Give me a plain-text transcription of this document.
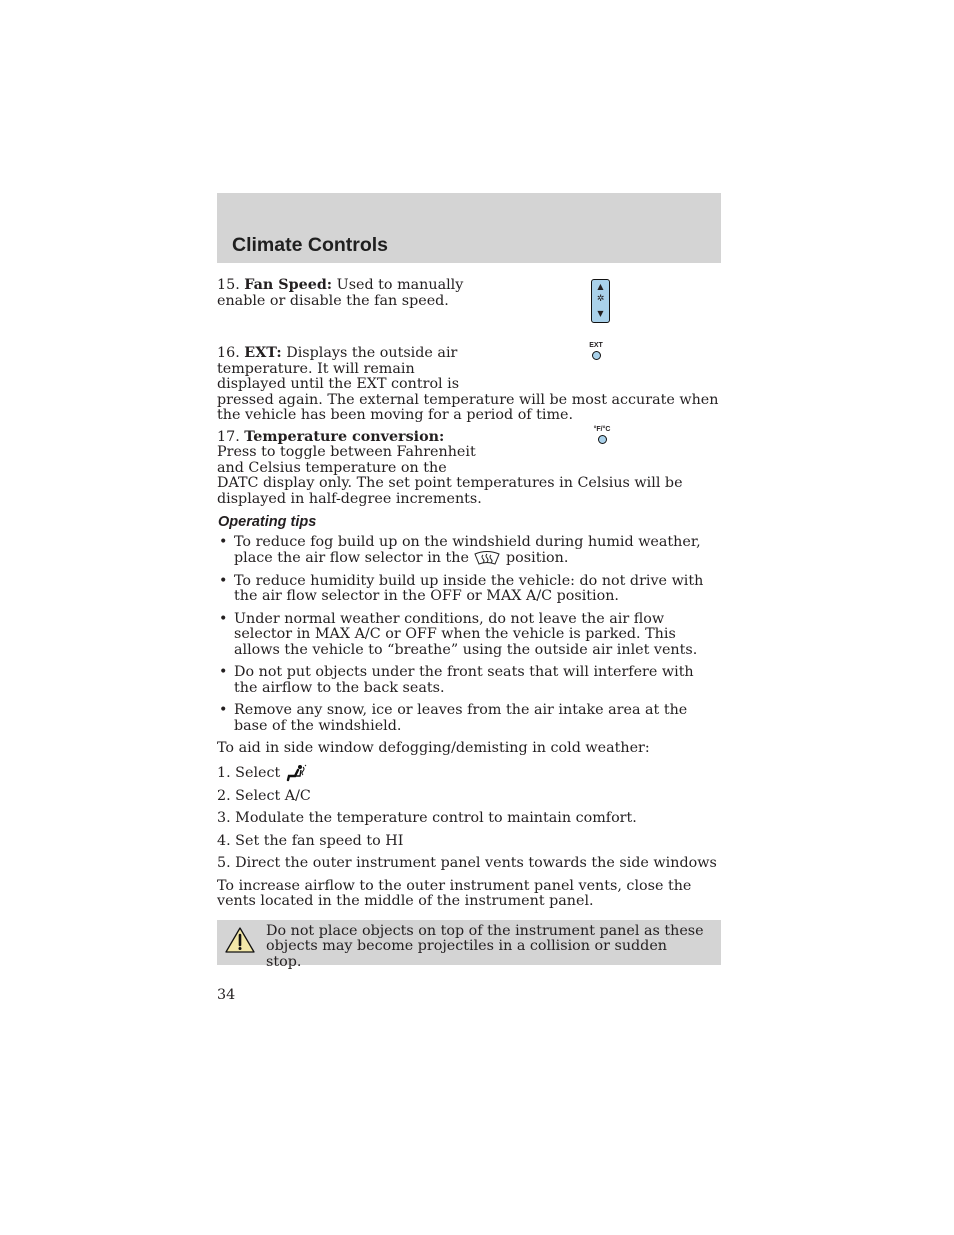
Climate Controls

15. Fan Speed: Used to manually

enable or disable the fan speed.

▲
✲
▼

16. EXT: Displays the outside air

temperature. It will remain

displayed until the EXT control is

pressed again. The external temperature will be most accurate when the vehicle has been moving for a period of time.

EXT

17. Temperature conversion:

Press to toggle between Fahrenheit

and Celsius temperature on the

DATC display only. The set point temperatures in Celsius will be displayed in half-degree increments.

°F/°C
Operating tips
• To reduce fog build up on the windshield during humid weather, place the air flow selector in the	position.
• To reduce humidity build up inside the vehicle: do not drive with the air flow selector in the OFF or MAX A/C position.
• Under normal weather conditions, do not leave the air flow selector in MAX A/C or OFF when the vehicle is parked. This allows the vehicle to “breathe” using the outside air inlet vents.
• Do not put objects under the front seats that will interfere with the airflow to the back seats.
• Remove any snow, ice or leaves from the air intake area at the base of the windshield.

To aid in side window defogging/demisting in cold weather:

1. Select

2. Select A/C

3. Modulate the temperature control to maintain comfort.

4. Set the fan speed to HI

5. Direct the outer instrument panel vents towards the side windows

To increase airflow to the outer instrument panel vents, close the vents located in the middle of the instrument panel.

Do not place objects on top of the instrument panel as these objects may become projectiles in a collision or sudden stop.
34
